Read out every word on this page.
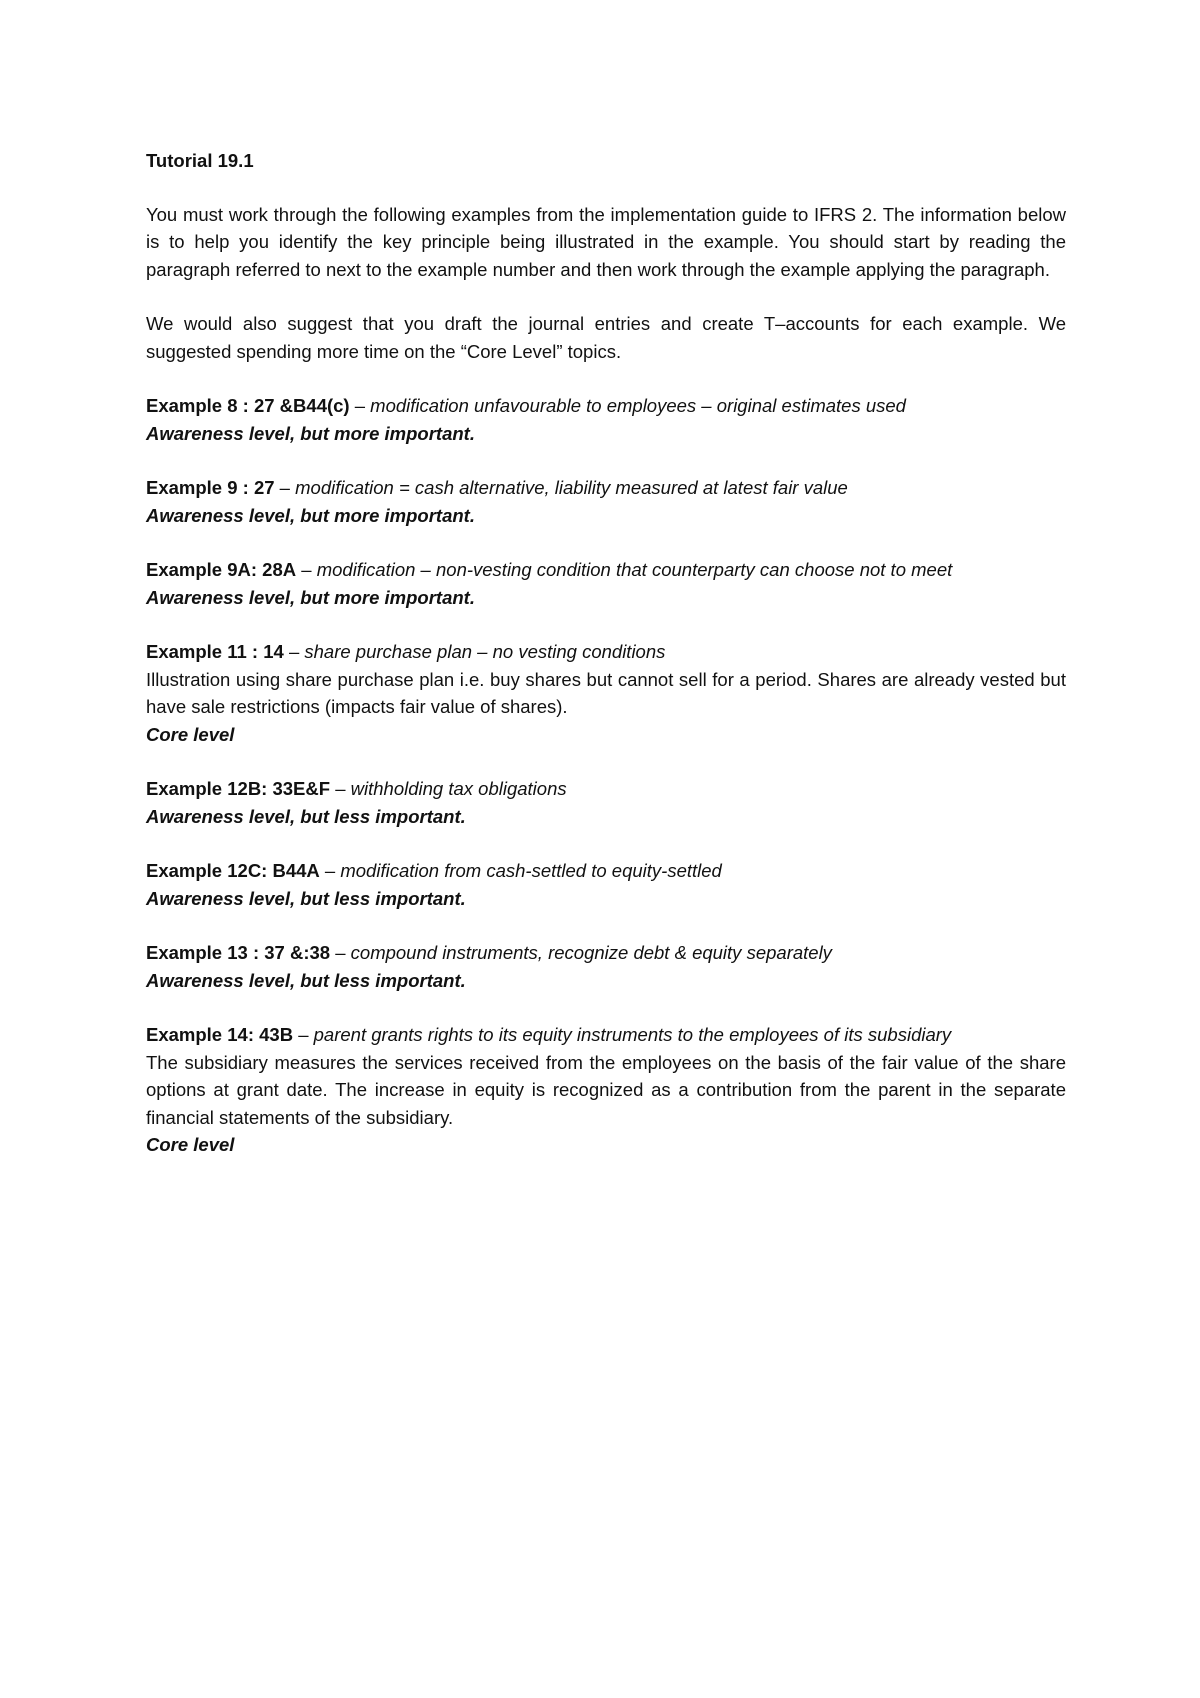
Tutorial 19.1
You must work through the following examples from the implementation guide to IFRS 2. The information below is to help you identify the key principle being illustrated in the example. You should start by reading the paragraph referred to next to the example number and then work through the example applying the paragraph.
We would also suggest that you draft the journal entries and create T–accounts for each example. We suggested spending more time on the “Core Level” topics.
Example 8 : 27 &B44(c) – modification unfavourable to employees – original estimates used
Awareness level, but more important.
Example 9 : 27 – modification = cash alternative, liability measured at latest fair value
Awareness level, but more important.
Example 9A: 28A – modification – non-vesting condition that counterparty can choose not to meet
Awareness level, but more important.
Example 11 : 14 – share purchase plan – no vesting conditions
Illustration using share purchase plan i.e. buy shares but cannot sell for a period. Shares are already vested but have sale restrictions (impacts fair value of shares).
Core level
Example 12B: 33E&F – withholding tax obligations
Awareness level, but less important.
Example 12C: B44A – modification from cash-settled to equity-settled
Awareness level, but less important.
Example 13 : 37 &:38 – compound instruments, recognize debt & equity separately
Awareness level, but less important.
Example 14: 43B – parent grants rights to its equity instruments to the employees of its subsidiary
The subsidiary measures the services received from the employees on the basis of the fair value of the share options at grant date. The increase in equity is recognized as a contribution from the parent in the separate financial statements of the subsidiary.
Core level
